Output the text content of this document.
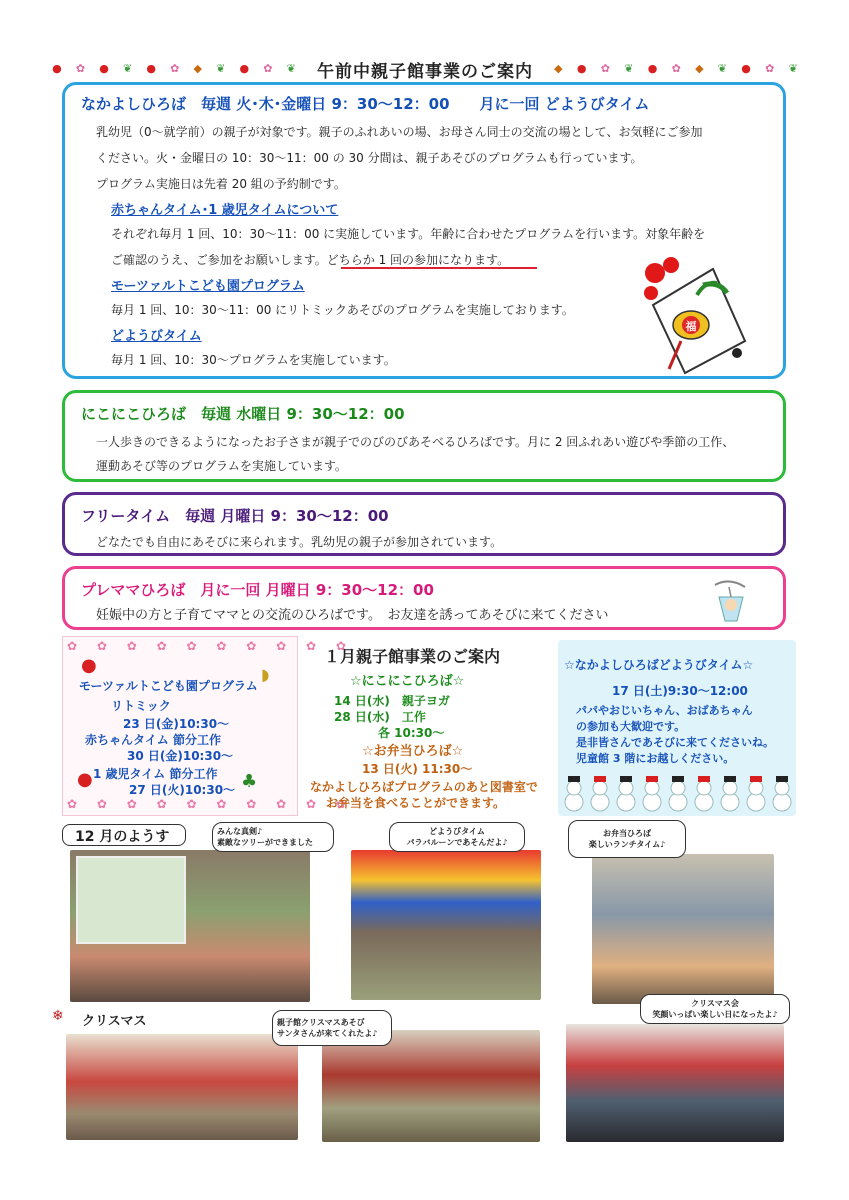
● ✿ ● ❦ ● ✿ ◆ ❦ ● ✿ ❦	午前中親子館事業のご案内	◆ ● ✿ ❦ ● ✿ ◆ ❦ ● ✿ ❦
なかよしひろば　毎週 火･木･金曜日 9：30～12：00　　月に一回 どようびタイム
乳幼児（0～就学前）の親子が対象です。親子のふれあいの場、お母さん同士の交流の場として、お気軽にご参加
ください。火・金曜日の 10：30～11：00 の 30 分間は、親子あそびのプログラムも行っています。
プログラム実施日は先着 20 組の予約制です。
赤ちゃんタイム･1 歳児タイムについて
それぞれ毎月 1 回、10：30～11：00 に実施しています。年齢に合わせたプログラムを行います。対象年齢を
ご確認のうえ、ご参加をお願いします。どちらか 1 回の参加になります。
モーツァルトこども園プログラム
毎月 1 回、10：30～11：00 にリトミックあそびのプログラムを実施しております。
どようびタイム
毎月 1 回、10：30～プログラムを実施しています。
福
にこにこひろば　毎週 水曜日 9：30～12：00
一人歩きのできるようになったお子さまが親子でのびのびあそべるひろばです。月に 2 回ふれあい遊びや季節の工作、
運動あそび等のプログラムを実施しています。
フリータイム　毎週 月曜日 9：30～12：00
どなたでも自由にあそびに来られます。乳幼児の親子が参加されています。
プレママひろば　月に一回 月曜日 9：30～12：00
妊娠中の方と子育てママとの交流のひろばです。　お友達を誘ってあそびに来てください
✿ ✿ ✿ ✿ ✿ ✿ ✿ ✿ ✿ ✿
✿ ✿ ✿ ✿ ✿ ✿ ✿ ✿ ✿ ✿
モーツァルトこども園プログラム
リトミック
23 日(金)10:30～
赤ちゃんタイム 節分工作
30 日(金)10:30～
1 歳児タイム 節分工作
27 日(火)10:30～
●
●	♣
◗
１月親子館事業のご案内
☆にこにこひろば☆
14 日(水)　親子ヨガ
28 日(水)　工作
各 10:30～
☆お弁当ひろば☆
13 日(火) 11:30～
なかよしひろばプログラムのあと図書室で
お弁当を食べることができます。
☆なかよしひろばどようびタイム☆
17 日(土)9:30～12:00
パパやおじいちゃん、おばあちゃん
の参加も大歓迎です。
是非皆さんであそびに来てくださいね。
児童館 3 階にお越しください。
12 月のようす
❄ クリスマス
みんな真剣♪
素敵なツリーができました
どようびタイム
パラバルーンであそんだよ♪
お弁当ひろば
楽しいランチタイム♪
親子館クリスマスあそび
サンタさんが来てくれたよ♪
クリスマス会
笑顔いっぱい楽しい日になったよ♪
